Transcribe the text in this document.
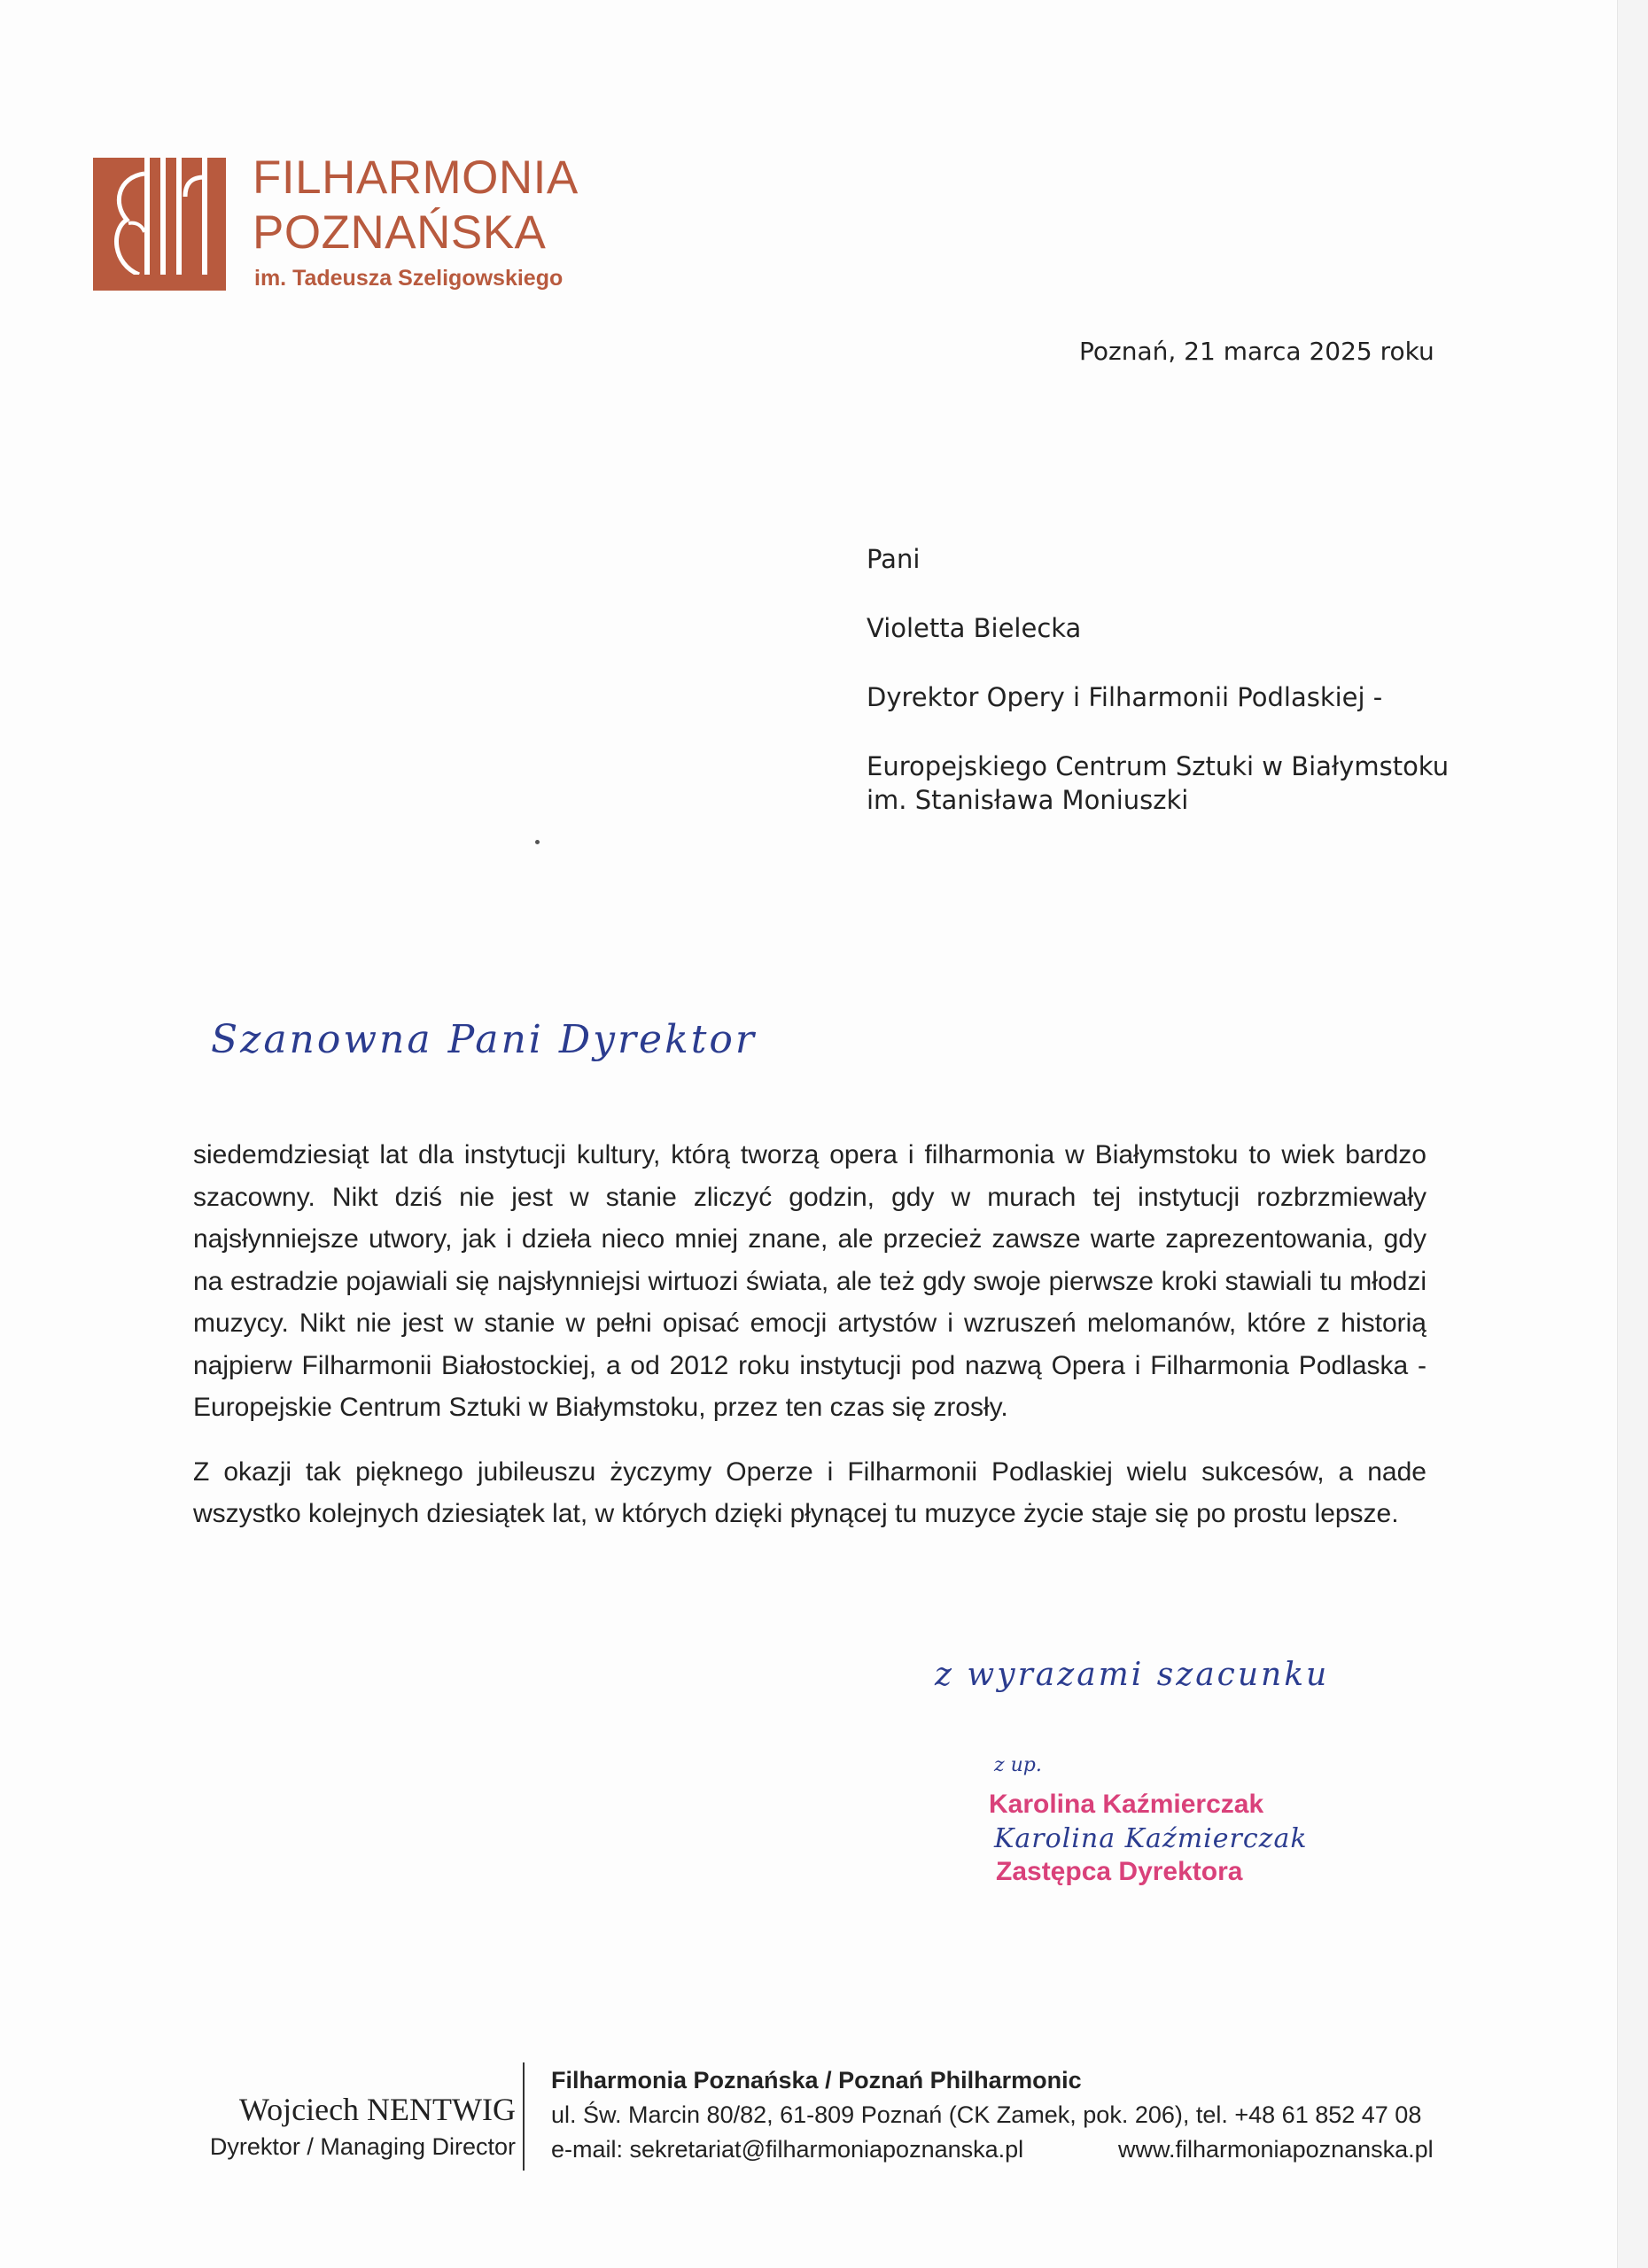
FILHARMONIA
POZNAŃSKA
im. Tadeusza Szeligowskiego
Poznań, 21 marca 2025 roku
Pani
Violetta Bielecka
Dyrektor Opery i Filharmonii Podlaskiej -
Europejskiego Centrum Sztuki w Białymstoku
im. Stanisława Moniuszki
Szanowna Pani Dyrektor

siedemdziesiąt lat dla instytucji kultury, którą tworzą opera i filharmonia w Białymstoku to wiek bardzo szacowny. Nikt dziś nie jest w stanie zliczyć godzin, gdy w murach tej instytucji rozbrzmiewały najsłynniejsze utwory, jak i dzieła nieco mniej znane, ale przecież zawsze warte zaprezentowania, gdy na estradzie pojawiali się najsłynniejsi wirtuozi świata, ale też gdy swoje pierwsze kroki stawiali tu młodzi muzycy. Nikt nie jest w stanie w pełni opisać emocji artystów i wzruszeń melomanów, które z historią najpierw Filharmonii Białostockiej, a od 2012 roku instytucji pod nazwą Opera i Filharmonia Podlaska - Europejskie Centrum Sztuki w Białymstoku, przez ten czas się zrosły.

Z okazji tak pięknego jubileuszu życzymy Operze i Filharmonii Podlaskiej wielu sukcesów, a nade wszystko kolejnych dziesiątek lat, w których dzięki płynącej tu muzyce życie staje się po prostu lepsze.

z wyrazami szacunku
z up.
Karolina Kaźmierczak
Karolina Kaźmierczak
Zastępca Dyrektora
Wojciech NENTWIG
Dyrektor / Managing Director
Filharmonia Poznańska / Poznań Philharmonic
ul. Św. Marcin 80/82, 61-809 Poznań (CK Zamek, pok. 206), tel. +48 61 852 47 08
e-mail: sekretariat@filharmoniapoznanska.pl	www.filharmoniapoznanska.pl
